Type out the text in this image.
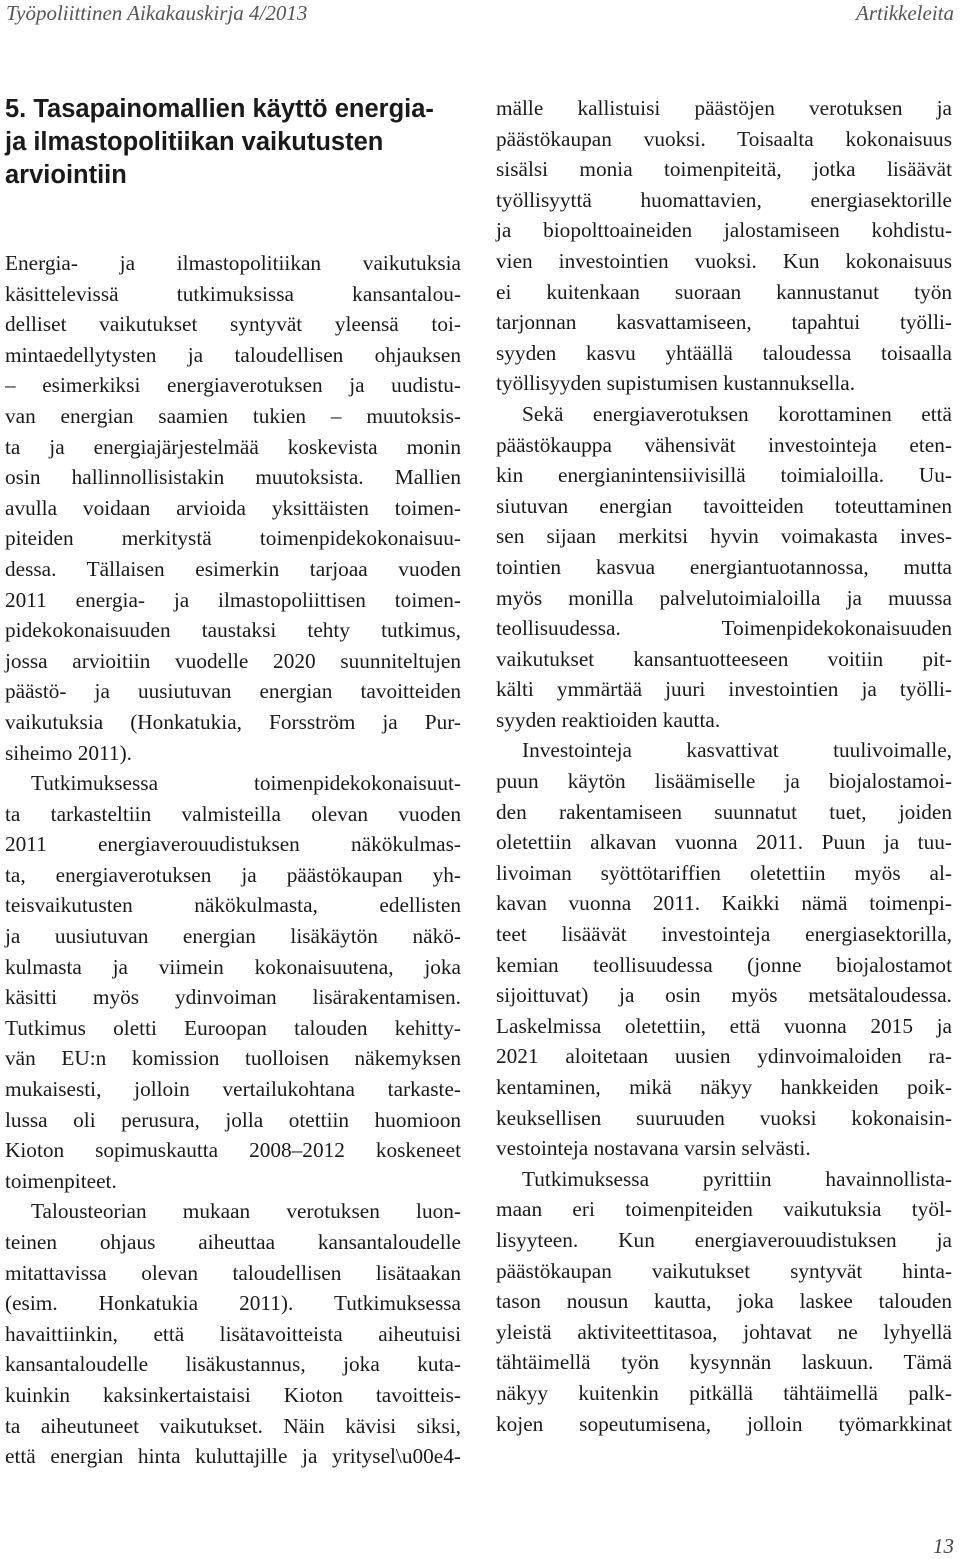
Työpoliittinen Aikakauskirja 4/2013	Artikkeleita
5. Tasapainomallien käyttö energia- ja ilmastopolitiikan vaikutusten arviointiin

Energia- ja ilmastopolitiikan vaikutuksia
käsittelevissä tutkimuksissa kansantalou-
delliset vaikutukset syntyvät yleensä toi-
mintaedellytysten ja taloudellisen ohjauksen
– esimerkiksi energiaverotuksen ja uudistu-
van energian saamien tukien – muutoksis-
ta ja energiajärjestelmää koskevista monin
osin hallinnollisistakin muutoksista. Mallien
avulla voidaan arvioida yksittäisten toimen-
piteiden merkitystä toimenpidekokonaisuu-
dessa. Tällaisen esimerkin tarjoaa vuoden
2011 energia- ja ilmastopoliittisen toimen-
pidekokonaisuuden taustaksi tehty tutkimus,
jossa arvioitiin vuodelle 2020 suunniteltujen
päästö- ja uusiutuvan energian tavoitteiden
vaikutuksia (Honkatukia, Forsström ja Pur-
siheimo 2011).

Tutkimuksessa toimenpidekokonaisuut-
ta tarkasteltiin valmisteilla olevan vuoden
2011 energiaverouudistuksen näkökulmas-
ta, energiaverotuksen ja päästökaupan yh-
teisvaikutusten näkökulmasta, edellisten
ja uusiutuvan energian lisäkäytön näkö-
kulmasta ja viimein kokonaisuutena, joka
käsitti myös ydinvoiman lisärakentamisen.
Tutkimus oletti Euroopan talouden kehitty-
vän EU:n komission tuolloisen näkemyksen
mukaisesti, jolloin vertailukohtana tarkaste-
lussa oli perusura, jolla otettiin huomioon
Kioton sopimuskautta 2008–2012 koskeneet
toimenpiteet.

Talousteorian mukaan verotuksen luon-
teinen ohjaus aiheuttaa kansantaloudelle
mitattavissa olevan taloudellisen lisätaakan
(esim. Honkatukia 2011). Tutkimuksessa
havaittiinkin, että lisätavoitteista aiheutuisi
kansantaloudelle lisäkustannus, joka kuta-
kuinkin kaksinkertaistaisi Kioton tavoitteis-
ta aiheutuneet vaikutukset. Näin kävisi siksi,
että energian hinta kuluttajille ja yritysel\u00e4-

mälle kallistuisi päästöjen verotuksen ja
päästökaupan vuoksi. Toisaalta kokonaisuus
sisälsi monia toimenpiteitä, jotka lisäävät
työllisyyttä huomattavien, energiasektorille
ja biopolttoaineiden jalostamiseen kohdistu-
vien investointien vuoksi. Kun kokonaisuus
ei kuitenkaan suoraan kannustanut työn
tarjonnan kasvattamiseen, tapahtui työlli-
syyden kasvu yhtäällä taloudessa toisaalla
työllisyyden supistumisen kustannuksella.

Sekä energiaverotuksen korottaminen että
päästökauppa vähensivät investointeja eten-
kin energianintensiivisillä toimialoilla. Uu-
siutuvan energian tavoitteiden toteuttaminen
sen sijaan merkitsi hyvin voimakasta inves-
tointien kasvua energiantuotannossa, mutta
myös monilla palvelutoimialoilla ja muussa
teollisuudessa. Toimenpidekokonaisuuden
vaikutukset kansantuotteeseen voitiin pit-
kälti ymmärtää juuri investointien ja työlli-
syyden reaktioiden kautta.

Investointeja kasvattivat tuulivoimalle,
puun käytön lisäämiselle ja biojalostamoi-
den rakentamiseen suunnatut tuet, joiden
oletettiin alkavan vuonna 2011. Puun ja tuu-
livoiman syöttötariffien oletettiin myös al-
kavan vuonna 2011. Kaikki nämä toimenpi-
teet lisäävät investointeja energiasektorilla,
kemian teollisuudessa (jonne biojalostamot
sijoittuvat) ja osin myös metsätaloudessa.
Laskelmissa oletettiin, että vuonna 2015 ja
2021 aloitetaan uusien ydinvoimaloiden ra-
kentaminen, mikä näkyy hankkeiden poik-
keuksellisen suuruuden vuoksi kokonaisin-
vestointeja nostavana varsin selvästi.

Tutkimuksessa pyrittiin havainnollista-
maan eri toimenpiteiden vaikutuksia työl-
lisyyteen. Kun energiaverouudistuksen ja
päästökaupan vaikutukset syntyvät hinta-
tason nousun kautta, joka laskee talouden
yleistä aktiviteettitasoa, johtavat ne lyhyellä
tähtäimellä työn kysynnän laskuun. Tämä
näkyy kuitenkin pitkällä tähtäimellä palk-
kojen sopeutumisena, jolloin työmarkkinat

13
